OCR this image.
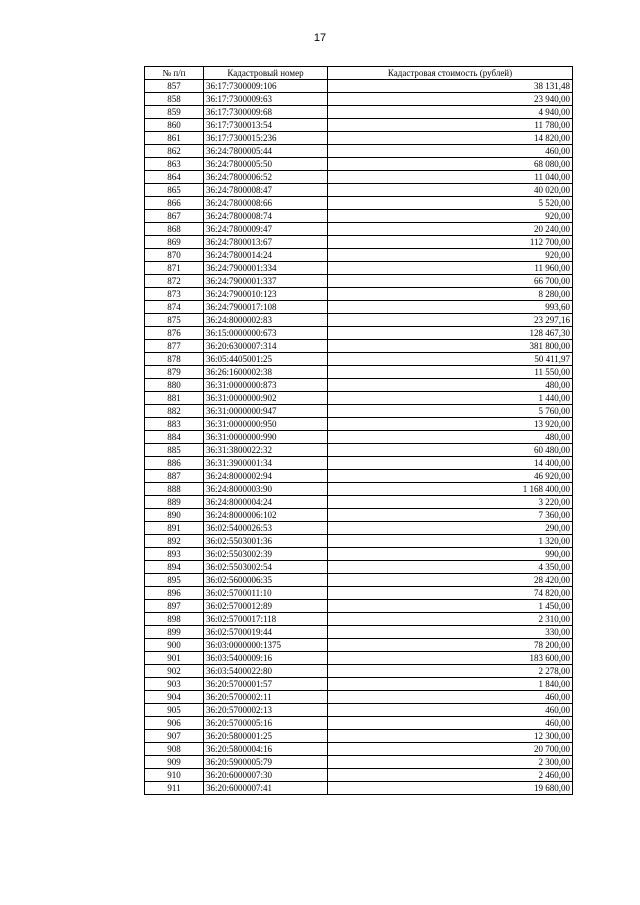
17
№ п/п	Кадастровый номер	Кадастровая стоимость (рублей)
857	36:17:7300009:106	38 131,48
858	36:17:7300009:63	23 940,00
859	36:17:7300009:68	4 940,00
860	36:17:7300013:54	11 780,00
861	36:17:7300015:236	14 820,00
862	36:24:7800005:44	460,00
863	36:24:7800005:50	68 080,00
864	36:24:7800006:52	11 040,00
865	36:24:7800008:47	40 020,00
866	36:24:7800008:66	5 520,00
867	36:24:7800008:74	920,00
868	36:24:7800009:47	20 240,00
869	36:24:7800013:67	112 700,00
870	36:24:7800014:24	920,00
871	36:24:7900001:334	11 960,00
872	36:24:7900001:337	66 700,00
873	36:24:7900010:123	8 280,00
874	36:24:7900017:108	993,60
875	36:24:8000002:83	23 297,16
876	36:15:0000000:673	128 467,30
877	36:20:6300007:314	381 800,00
878	36:05:4405001:25	50 411,97
879	36:26:1600002:38	11 550,00
880	36:31:0000000:873	480,00
881	36:31:0000000:902	1 440,00
882	36:31:0000000:947	5 760,00
883	36:31:0000000:950	13 920,00
884	36:31:0000000:990	480,00
885	36:31:3800022:32	60 480,00
886	36:31:3900001:34	14 400,00
887	36:24:8000002:94	46 920,00
888	36:24:8000003:90	1 168 400,00
889	36:24:8000004:24	3 220,00
890	36:24:8000006:102	7 360,00
891	36:02:5400026:53	290,00
892	36:02:5503001:36	1 320,00
893	36:02:5503002:39	990,00
894	36:02:5503002:54	4 350,00
895	36:02:5600006:35	28 420,00
896	36:02:5700011:10	74 820,00
897	36:02:5700012:89	1 450,00
898	36:02:5700017:118	2 310,00
899	36:02:5700019:44	330,00
900	36:03:0000000:1375	78 200,00
901	36:03:5400009:16	183 600,00
902	36:03:5400022:80	2 278,00
903	36:20:5700001:57	1 840,00
904	36:20:5700002:11	460,00
905	36:20:5700002:13	460,00
906	36:20:5700005:16	460,00
907	36:20:5800001:25	12 300,00
908	36:20:5800004:16	20 700,00
909	36:20:5900005:79	2 300,00
910	36:20:6000007:30	2 460,00
911	36:20:6000007:41	19 680,00
